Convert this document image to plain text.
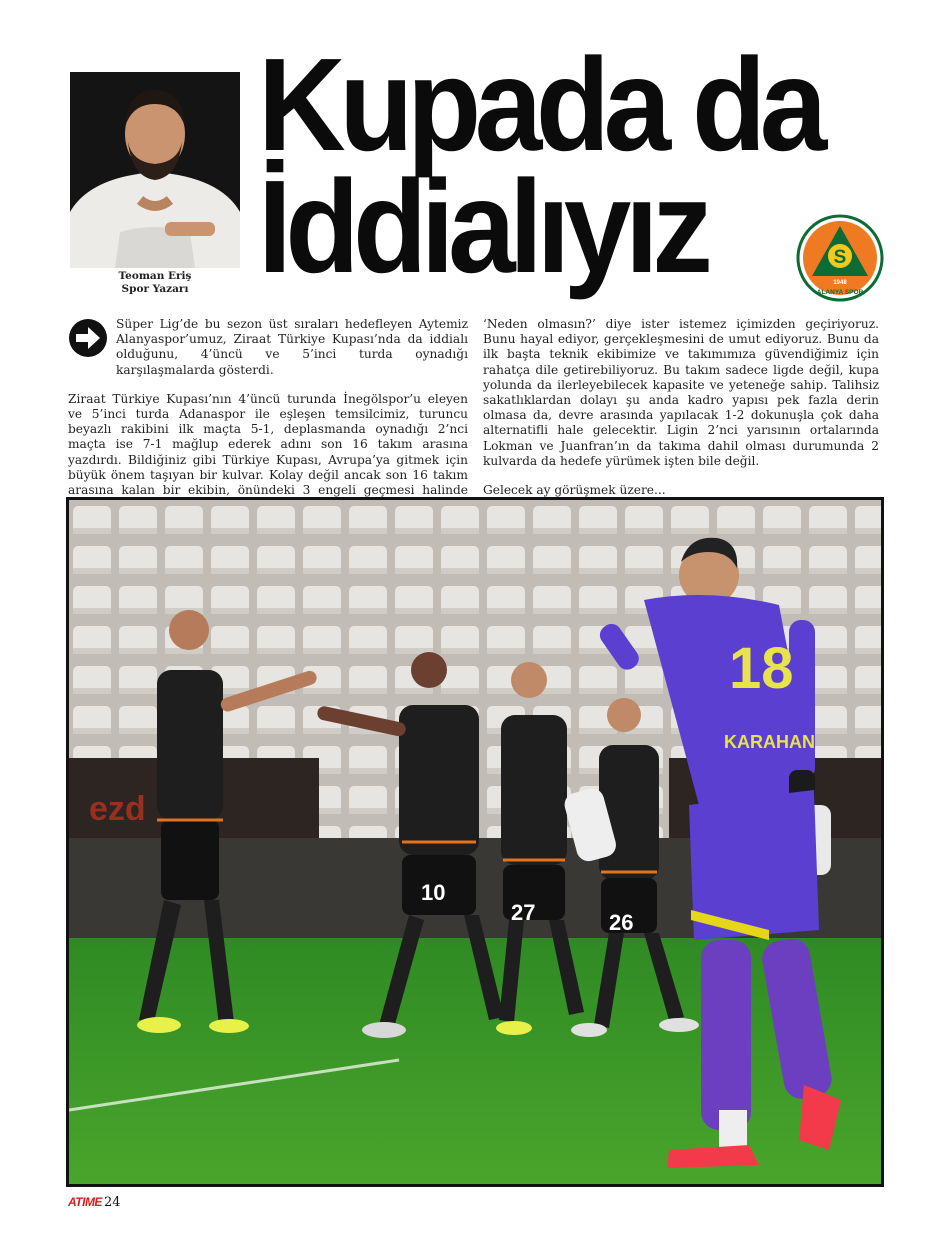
Teoman Eriş
Spor Yazarı
Kupada da
İddialıyız	S
1948
ALANYA SPOR

Süper Lig’de bu sezon üst sıraları hedefleyen Aytemiz Alanyaspor’umuz, Ziraat Türkiye Kupası’nda da iddialı olduğunu, 4’üncü ve 5’inci turda oynadığı karşılaşmalarda gösterdi.

Ziraat Türkiye Kupası’nın 4’üncü turunda İnegölspor’u eleyen ve 5’inci turda Adanaspor ile eşleşen temsilcimiz, turuncu beyazlı rakibini ilk maçta 5-1, deplasmanda oynadığı 2’nci maçta ise 7-1 mağlup ederek adını son 16 takım arasına yazdırdı. Bildiğiniz gibi Türkiye Kupası, Avrupa’ya gitmek için büyük önem taşıyan bir kulvar. Kolay değil ancak son 16 takım arasına kalan bir ekibin, önündeki 3 engeli geçmesi halinde

‘Neden olmasın?’ diye ister istemez içimizden geçiriyoruz. Bunu hayal ediyor, gerçekleşmesini de umut ediyoruz. Bunu da ilk başta teknik ekibimize ve takımımıza güvendiğimiz için rahatça dile getirebiliyoruz. Bu takım sadece ligde değil, kupa yolunda da ilerleyebilecek kapasite ve yeteneğe sahip. Talihsiz sakatlıklardan dolayı şu anda kadro yapısı pek fazla derin olmasa da, devre arasında yapılacak 1-2 dokunuşla çok daha alternatifli hale gelecektir. Ligin 2’nci yarısının ortalarında Lokman ve Juanfran’ın da takıma dahil olması durumunda 2 kulvarda da hedefe yürümek işten bile değil.

Gelecek ay görüşmek üzere...

ezd
10
27	26
18
KARAHAN
ATIME 24
